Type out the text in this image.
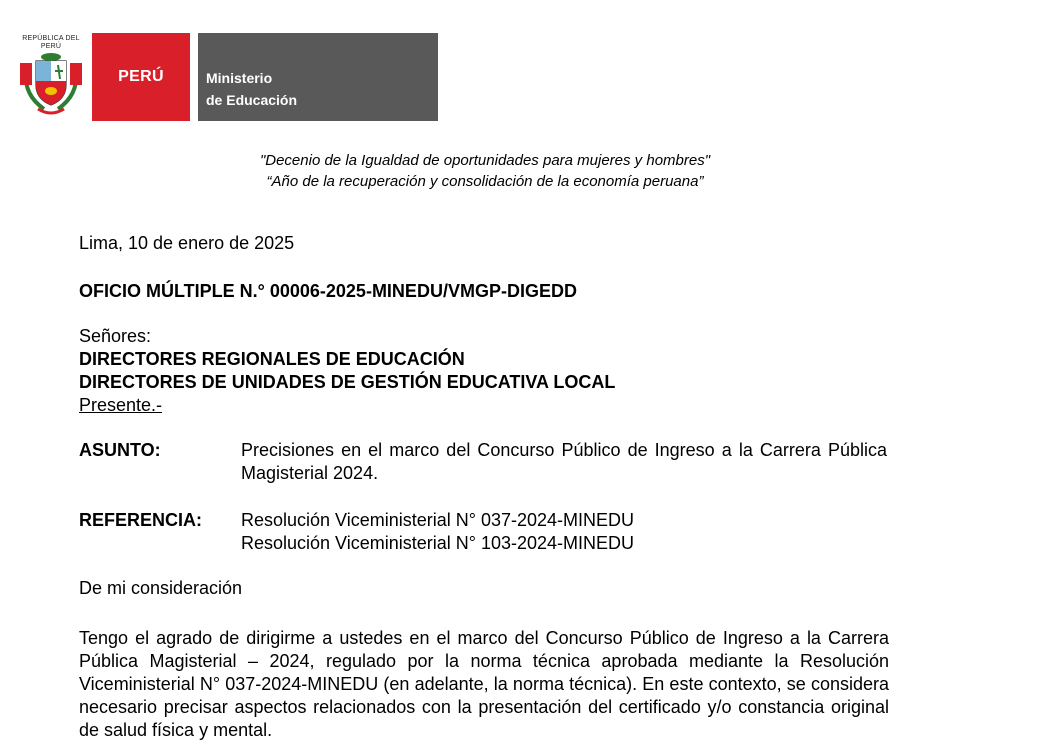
REPÚBLICA DEL PERÚ
PERÚ	Ministerio
de Educación
"Decenio de la Igualdad de oportunidades para mujeres y hombres"
“Año de la recuperación y consolidación de la economía peruana”
Lima, 10 de enero de 2025
OFICIO MÚLTIPLE N.° 00006-2025-MINEDU/VMGP-DIGEDD
Señores:
DIRECTORES REGIONALES DE EDUCACIÓN
DIRECTORES DE UNIDADES DE GESTIÓN EDUCATIVA LOCAL
Presente.-
ASUNTO:	Precisiones en el marco del Concurso Público de Ingreso a la Carrera Pública Magisterial 2024.
REFERENCIA: Resolución Viceministerial N° 037-2024-MINEDU
Resolución Viceministerial N° 103-2024-MINEDU
De mi consideración
Tengo el agrado de dirigirme a ustedes en el marco del Concurso Público de Ingreso a la Carrera Pública Magisterial – 2024, regulado por la norma técnica aprobada mediante la Resolución Viceministerial N° 037-2024-MINEDU (en adelante, la norma técnica). En este contexto, se considera necesario precisar aspectos relacionados con la presentación del certificado y/o constancia original de salud física y mental.
